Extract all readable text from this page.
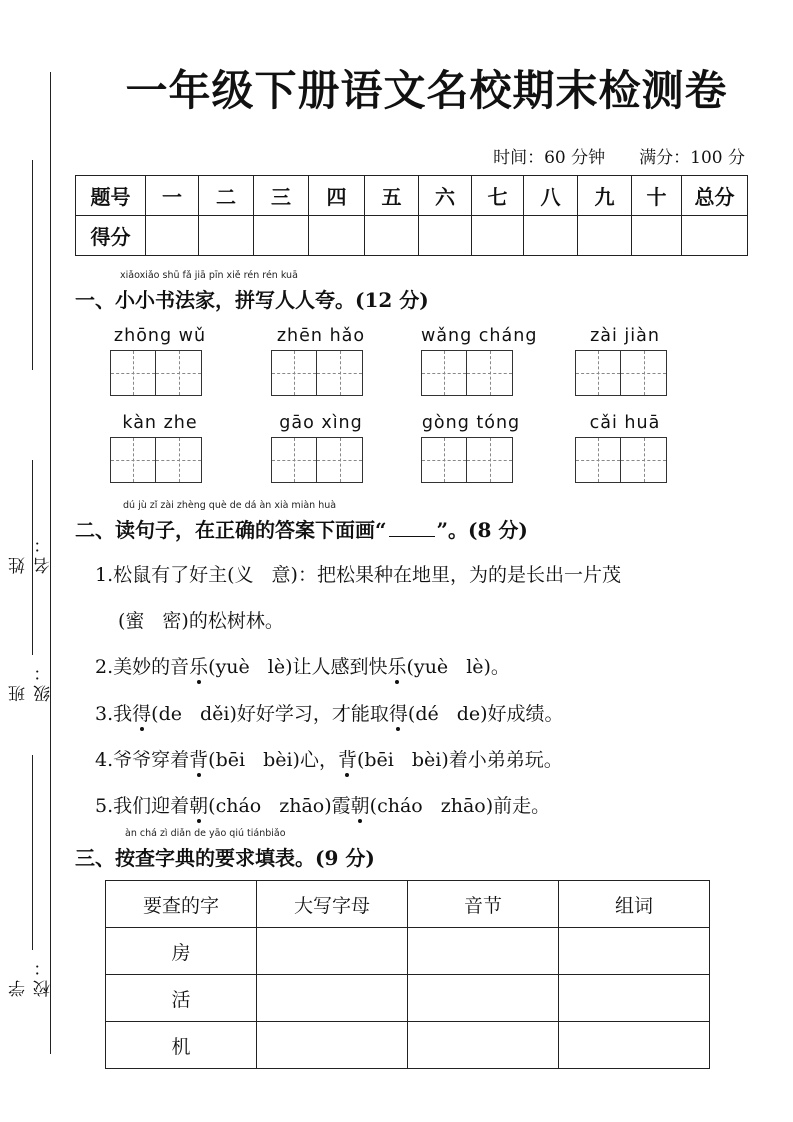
姓名：
班级：
学校：
一年级下册语文名校期末检测卷
时间：60 分钟 满分：100 分
题号	一	二	三	四	五	六	七	八	九	十	总分
得分											
xiǎoxiǎo shū fǎ jiā pīn xiě rén rén kuā
一、小小书法家，拼写人人夸。(12 分)
zhōng wǔ	zhēn hǎo	wǎng cháng	zài jiàn
kàn zhe	gāo xìng	gòng tóng	cǎi huā
dú jù zǐ zài zhèng què de dá àn xià miàn huà
二、读句子，在正确的答案下面画“	”。(8 分)
1.松鼠有了好主(义 意)：把松果种在地里，为的是长出一片茂
(蜜 密)的松树林。
2.美妙的音乐(yuè lè)让人感到快乐(yuè lè)。
3.我得(de děi)好好学习，才能取得(dé de)好成绩。
4.爷爷穿着背(bēi bèi)心，背(bēi bèi)着小弟弟玩。
5.我们迎着朝(cháo zhāo)霞朝(cháo zhāo)前走。
àn chá zì diǎn de yāo qiú tiánbiǎo
三、按查字典的要求填表。(9 分)
要查的字	大写字母	音节	组词
房			
活			
机			
